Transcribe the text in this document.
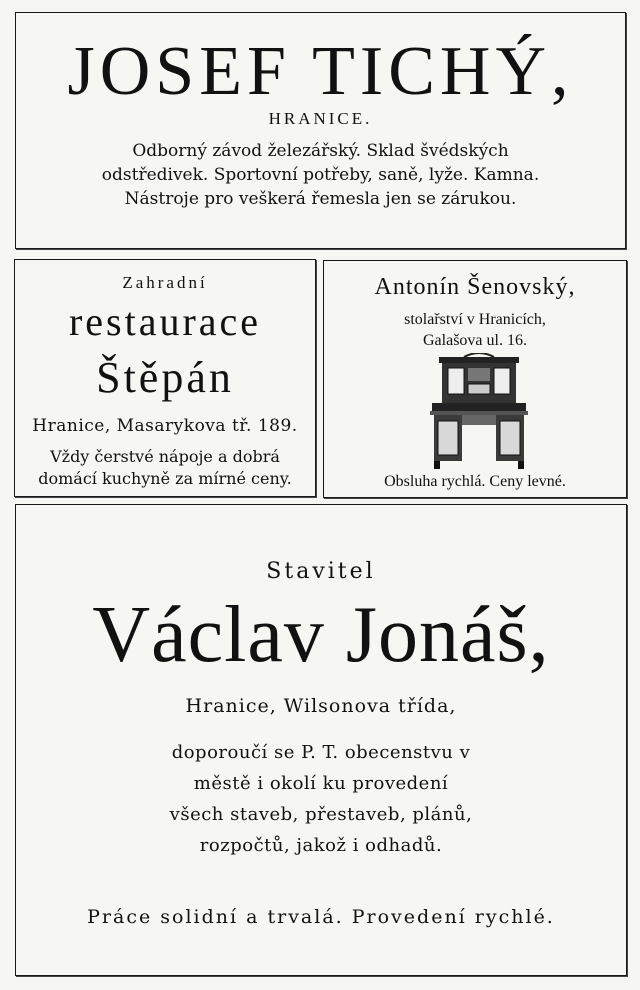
JOSEF TICHÝ,
HRANICE.
Odborný závod železářský. Sklad švédských odstředivek. Sportovní potřeby, saně, lyže. Kamna. Nástroje pro veškerá řemesla jen se zárukou.
Zahradní
restaurace
Štěpán
Hranice, Masarykova tř. 189.
Vždy čerstvé nápoje a dobrá domácí kuchyně za mírné ceny.
Antonín Šenovský,
stolařství v Hranicích,
Galašova ul. 16.
Obsluha rychlá. Ceny levné.
Stavitel
Václav Jonáš,
Hranice, Wilsonova třída,
doporoučí se P. T. obecenstvu v městě i okolí ku provedení všech staveb, přestaveb, plánů, rozpočtů, jakož i odhadů.
Práce solidní a trvalá. Provedení rychlé.
